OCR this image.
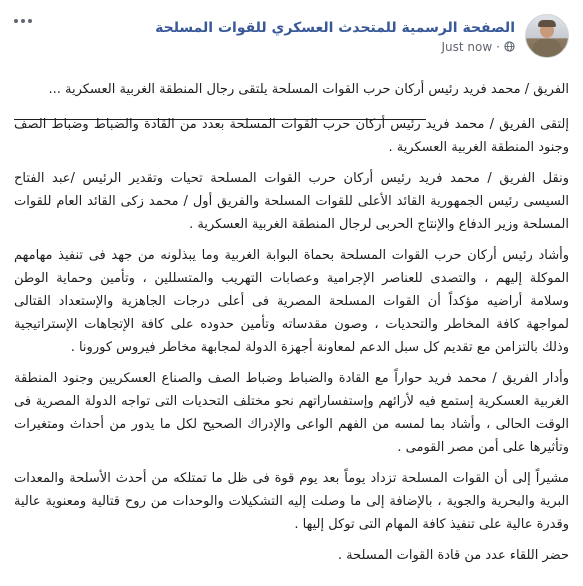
الصفحة الرسمية للمتحدث العسكري للقوات المسلحة
Just now ·

الفريق / محمد فريد رئيس أركان حرب القوات المسلحة يلتقى رجال المنطقة الغربية العسكرية ...

إلتقى الفريق / محمد فريد رئيس أركان حرب القوات المسلحة بعدد من القادة والضباط وضباط الصف وجنود المنطقة الغربية العسكرية .

ونقل الفريق / محمد فريد رئيس أركان حرب القوات المسلحة تحيات وتقدير الرئيس /عبد الفتاح السيسى رئيس الجمهورية القائد الأعلى للقوات المسلحة والفريق أول / محمد زكى القائد العام للقوات المسلحة وزير الدفاع والإنتاج الحربى لرجال المنطقة الغربية العسكرية .

وأشاد رئيس أركان حرب القوات المسلحة بحماة البوابة الغربية وما يبذلونه من جهد فى تنفيذ مهامهم الموكلة إليهم ، والتصدى للعناصر الإجرامية وعصابات التهريب والمتسللين ، وتأمين وحماية الوطن وسلامة أراضيه مؤكداً أن القوات المسلحة المصرية فى أعلى درجات الجاهزية والإستعداد القتالى لمواجهة كافة المخاطر والتحديات ، وصون مقدساته وتأمين حدوده على كافة الإتجاهات الإستراتيجية وذلك بالتزامن مع تقديم كل سبل الدعم لمعاونة أجهزة الدولة لمجابهة مخاطر فيروس كورونا .

وأدار الفريق / محمد فريد حواراً مع القادة والضباط وضباط الصف والصناع العسكريين وجنود المنطقة الغربية العسكرية إستمع فيه لأرائهم وإستفساراتهم نحو مختلف التحديات التى تواجه الدولة المصرية فى الوقت الحالى ، وأشاد بما لمسه من الفهم الواعى والإدراك الصحيح لكل ما يدور من أحداث ومتغيرات وتأثيرها على أمن مصر القومى .

مشيراً إلى أن القوات المسلحة تزداد يوماً بعد يوم قوة فى ظل ما تمتلكه من أحدث الأسلحة والمعدات البرية والبحرية والجوية ، بالإضافة إلى ما وصلت إليه التشكيلات والوحدات من روح قتالية ومعنوية عالية وقدرة عالية على تنفيذ كافة المهام التى توكل إليها .

حضر اللقاء عدد من قادة القوات المسلحة .
